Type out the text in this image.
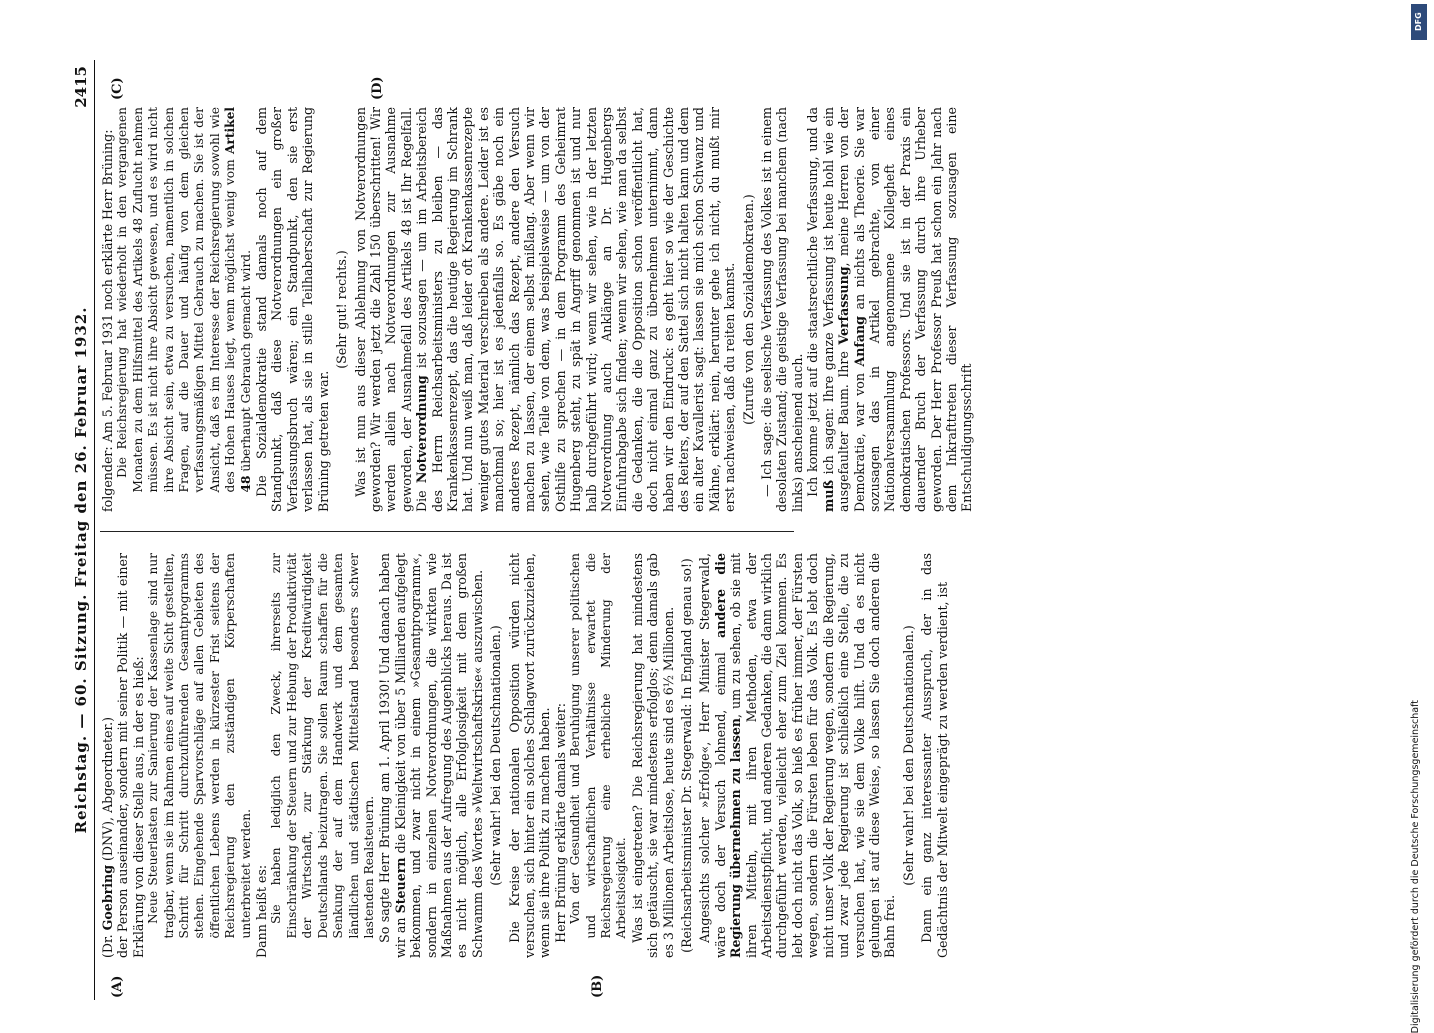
Reichstag. — 60. Sitzung. Freitag den 26. Februar 1932.
2415
(A)	(B)
(C)	(D)

(Dr. Goebring (DNV), Abgeordneter.) der Person auseinander, sondern mit seiner Politik — mit einer Erklärung von dieser Stelle aus, in der es hieß: Neue Steuerlasten zur Sanierung der Kassenlage sind nur tragbar, wenn sie im Rahmen eines auf weite Sicht gestellten, Schritt für Schritt durchzuführenden Gesamtprogramms stehen. Eingehende Sparvorschläge auf allen Gebieten des öffentlichen Lebens werden in kürzester Frist seitens der Reichsregierung den zuständigen Körperschaften unterbreitet werden. Dann heißt es: Sie haben lediglich den Zweck, ihrerseits zur Einschränkung der Steuern und zur Hebung der Produktivität der Wirtschaft, zur Stärkung der Kreditwürdigkeit Deutschlands beizutragen. Sie sollen Raum schaffen für die Senkung der auf dem Handwerk und dem gesamten ländlichen und städtischen Mittelstand besonders schwer lastenden Realsteuern. So sagte Herr Brüning am 1. April 1930! Und danach haben wir an Steuern die Kleinigkeit von über 5 Milliarden aufgelegt bekommen, und zwar nicht in einem »Gesamtprogramm«, sondern in einzelnen Notverordnungen, die wirkten wie Maßnahmen aus der Aufregung des Augenblicks heraus. Da ist es nicht möglich, alle Erfolglosigkeit mit dem großen Schwamm des Wortes »Weltwirtschaftskrise« auszuwischen. (Sehr wahr! bei den Deutschnationalen.) Die Kreise der nationalen Opposition würden nicht versuchen, sich hinter ein solches Schlagwort zurückzuziehen, wenn sie ihre Politik zu machen haben. Herr Brüning erklärte damals weiter: Von der Gesundheit und Beruhigung unserer politischen und wirtschaftlichen Verhältnisse erwartet die Reichsregierung eine erhebliche Minderung der Arbeitslosigkeit. Was ist eingetreten? Die Reichsregierung hat mindestens sich getäuscht, sie war mindestens erfolglos; denn damals gab es 3 Millionen Arbeitslose, heute sind es 6½ Millionen. (Reichsarbeitsminister Dr. Stegerwald: In England genau so!) Angesichts solcher »Erfolge«, Herr Minister Stegerwald, wäre doch der Versuch lohnend, einmal andere die Regierung übernehmen zu lassen, um zu sehen, ob sie mit ihren Mitteln, mit ihren Methoden, etwa der Arbeitsdienstpflicht, und anderen Gedanken, die dann wirklich durchgeführt werden, vielleicht eher zum Ziel kommen. Es lebt doch nicht das Volk, so hieß es früher immer, der Fürsten wegen, sondern die Fürsten leben für das Volk. Es lebt doch nicht unser Volk der Regierung wegen, sondern die Regierung, und zwar jede Regierung ist schließlich eine Stelle, die zu versuchen hat, wie sie dem Volke hilft. Und da es nicht gelungen ist auf diese Weise, so lassen Sie doch anderen die Bahn frei.

(Sehr wahr! bei den Deutschnationalen.) Dann ein ganz interessanter Ausspruch, der in das Gedächtnis der Mitwelt eingeprägt zu werden verdient, ist

folgender: Am 5. Februar 1931 noch erklärte Herr Brüning: Die Reichsregierung hat wiederholt in den vergangenen Monaten zu dem Hilfsmittel des Artikels 48 Zuflucht nehmen müssen. Es ist nicht ihre Absicht gewesen, und es wird nicht ihre Absicht sein, etwa zu versuchen, namentlich in solchen Fragen, auf die Dauer und häufig von dem gleichen verfassungsmäßigen Mittel Gebrauch zu machen. Sie ist der Ansicht, daß es im Interesse der Reichsregierung sowohl wie des Hohen Hauses liegt, wenn möglichst wenig vom Artikel 48 überhaupt Gebrauch gemacht wird. Die Sozialdemokratie stand damals noch auf dem Standpunkt, daß diese Notverordnungen ein großer Verfassungsbruch wären; ein Standpunkt, den sie erst verlassen hat, als sie in stille Teilhaberschaft zur Regierung Brüning getreten war.

(Sehr gut! rechts.) Was ist nun aus dieser Ablehnung von Notverordnungen geworden? Wir werden jetzt die Zahl 150 überschritten! Wir werden allein nach Notverordnungen zur Ausnahme geworden, der Ausnahmefall des Artikels 48 ist Ihr Regelfall. Die Notverordnung ist sozusagen — um im Arbeitsbereich des Herrn Reichsarbeitsministers zu bleiben — das Krankenkassenrezept, das die heutige Regierung im Schrank hat. Und nun weiß man, daß leider oft Krankenkassenrezepte weniger gutes Material verschreiben als andere. Leider ist es manchmal so; hier ist es jedenfalls so. Es gäbe noch ein anderes Rezept, nämlich das Rezept, andere den Versuch machen zu lassen, der einem selbst mißlang. Aber wenn wir sehen, wie Teile von dem, was beispielsweise — um von der Osthilfe zu sprechen — in dem Programm des Geheimrat Hugenberg steht, zu spät in Angriff genommen ist und nur halb durchgeführt wird; wenn wir sehen, wie in der letzten Notverordnung auch Anklänge an Dr. Hugenbergs Einfuhrabgabe sich finden; wenn wir sehen, wie man da selbst die Gedanken, die die Opposition schon veröffentlicht hat, doch nicht einmal ganz zu übernehmen unternimmt, dann haben wir den Eindruck: es geht hier so wie der Geschichte des Reiters, der auf den Sattel sich nicht halten kann und dem ein alter Kavallerist sagt: lassen sie mich schon Schwanz und Mähne, erklärt: nein, herunter gehe ich nicht, du mußt mir erst nachweisen, daß du reiten kannst. (Zurufe von den Sozialdemokraten.) — Ich sage: die seelische Verfassung des Volkes ist in einem desolaten Zustand; die geistige Verfassung bei manchem (nach links) anscheinend auch. Ich komme jetzt auf die staatsrechtliche Verfassung, und da muß ich sagen: Ihre ganze Verfassung ist heute hohl wie ein ausgefaulter Baum. Ihre Verfassung, meine Herren von der Demokratie, war von Anfang an nichts als Theorie. Sie war sozusagen das in Artikel gebrachte, von einer Nationalversammlung angenommene Kollegheft eines demokratischen Professors. Und sie ist in der Praxis ein dauernder Bruch der Verfassung durch ihre Urheber geworden. Der Herr Professor Preuß hat schon ein Jahr nach dem Inkrafttreten dieser Verfassung sozusagen eine Entschuldigungsschrift

DFG
Digitalisierung gefördert durch die Deutsche Forschungsgemeinschaft
